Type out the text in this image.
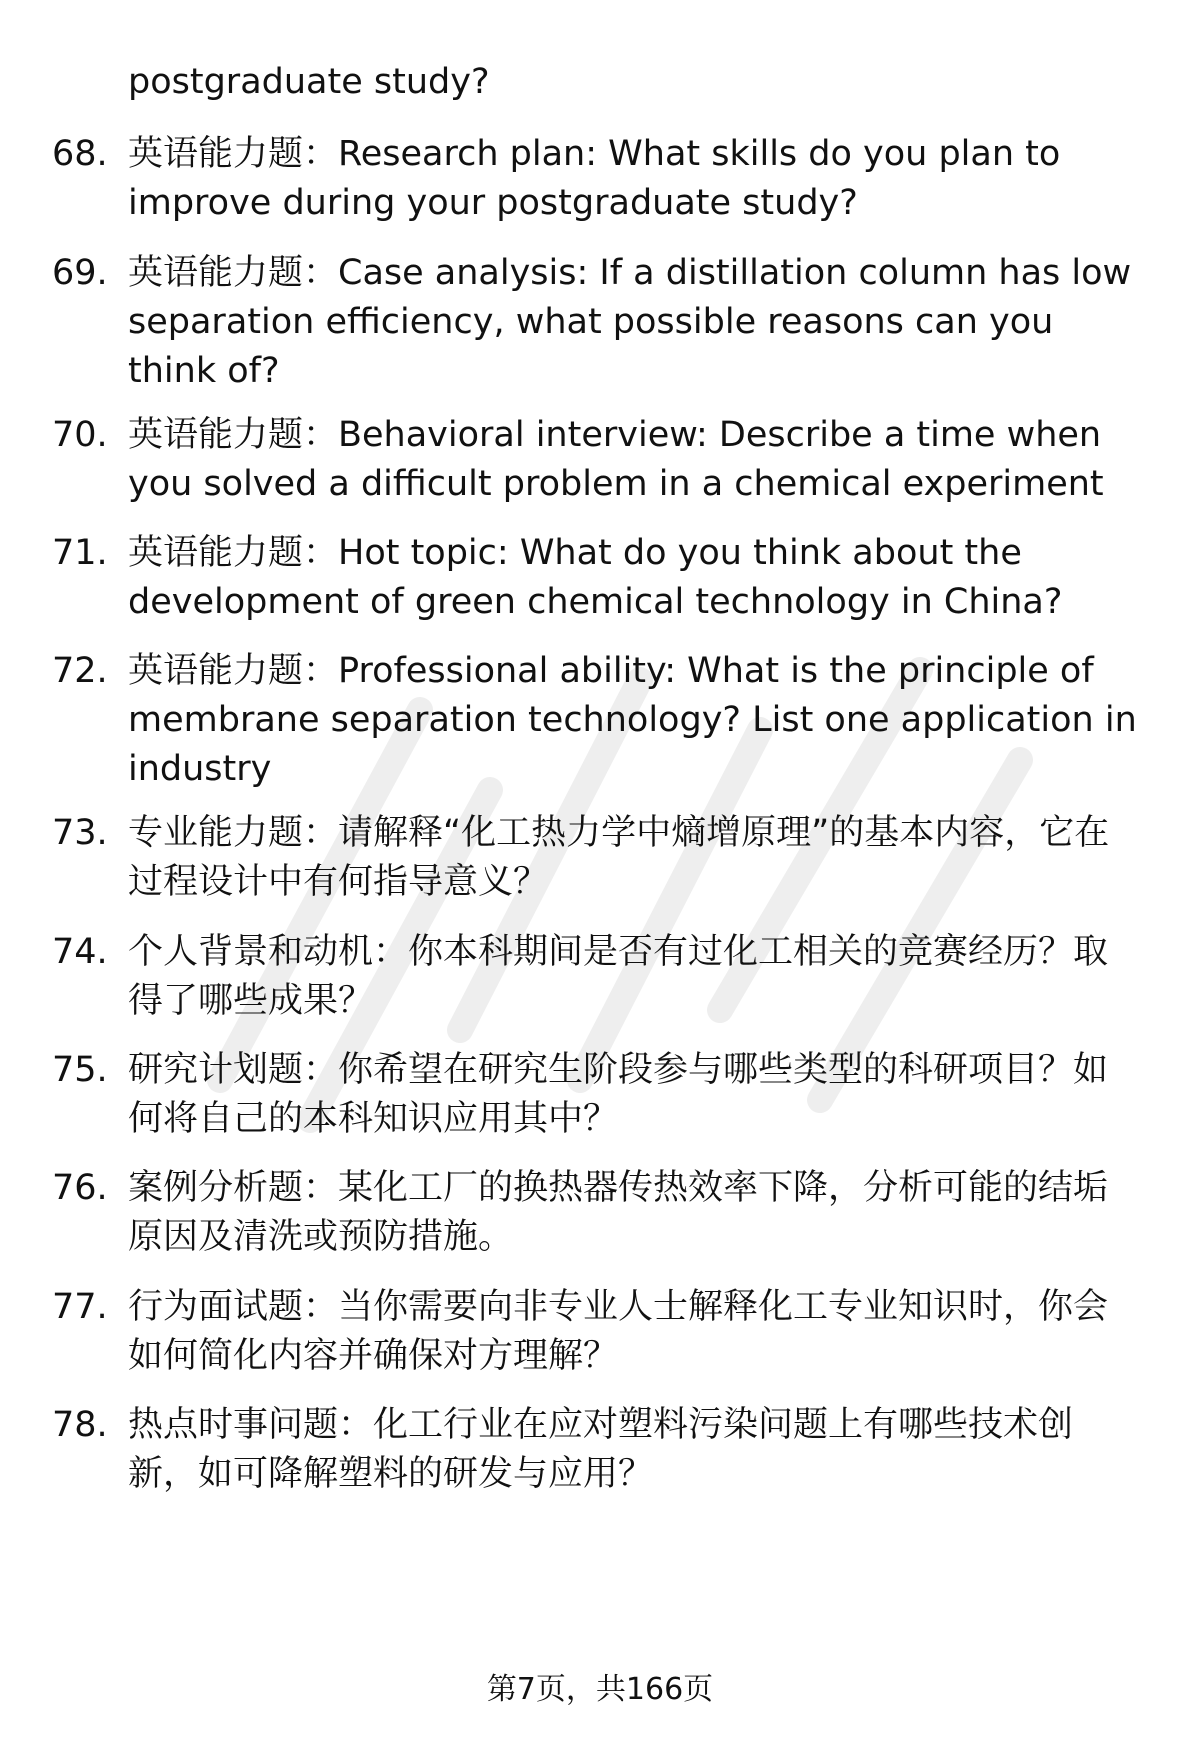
postgraduate study?
68. 英语能力题：Research plan: What skills do you plan to improve during your postgraduate study?
69. 英语能力题：Case analysis: If a distillation column has low separation efficiency, what possible reasons can you think of?
70. 英语能力题：Behavioral interview: Describe a time when you solved a difficult problem in a chemical experiment
71. 英语能力题：Hot topic: What do you think about the development of green chemical technology in China?
72. 英语能力题：Professional ability: What is the principle of membrane separation technology? List one application in industry
73. 专业能力题：请解释“化工热力学中熵增原理”的基本内容，它在过程设计中有何指导意义？
74. 个人背景和动机：你本科期间是否有过化工相关的竞赛经历？取得了哪些成果？
75. 研究计划题：你希望在研究生阶段参与哪些类型的科研项目？如何将自己的本科知识应用其中？
76. 案例分析题：某化工厂的换热器传热效率下降，分析可能的结垢原因及清洗或预防措施。
77. 行为面试题：当你需要向非专业人士解释化工专业知识时，你会如何简化内容并确保对方理解？
78. 热点时事问题：化工行业在应对塑料污染问题上有哪些技术创新，如可降解塑料的研发与应用？
第7页，共166页
